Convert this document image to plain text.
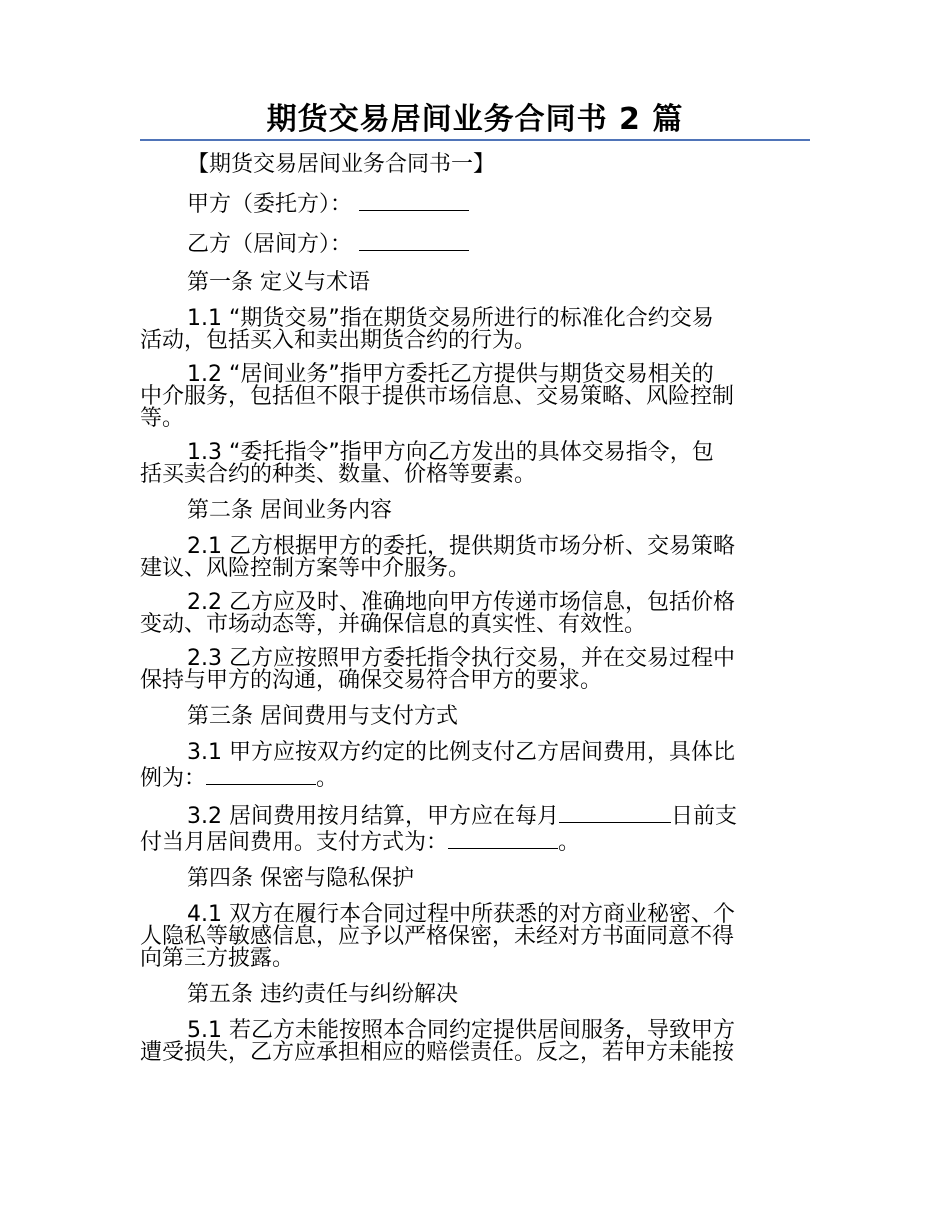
期货交易居间业务合同书 2 篇
【期货交易居间业务合同书一】
甲方（委托方）：
乙方（居间方）：
第一条 定义与术语
1.1 “期货交易”指在期货交易所进行的标准化合约交易
活动，包括买入和卖出期货合约的行为。
1.2 “居间业务”指甲方委托乙方提供与期货交易相关的
中介服务，包括但不限于提供市场信息、交易策略、风险控制
等。
1.3 “委托指令”指甲方向乙方发出的具体交易指令，包
括买卖合约的种类、数量、价格等要素。
第二条 居间业务内容
2.1 乙方根据甲方的委托，提供期货市场分析、交易策略
建议、风险控制方案等中介服务。
2.2 乙方应及时、准确地向甲方传递市场信息，包括价格
变动、市场动态等，并确保信息的真实性、有效性。
2.3 乙方应按照甲方委托指令执行交易，并在交易过程中
保持与甲方的沟通，确保交易符合甲方的要求。
第三条 居间费用与支付方式
3.1 甲方应按双方约定的比例支付乙方居间费用，具体比
例为：	。
3.2 居间费用按月结算，甲方应在每月	日前支
付当月居间费用。支付方式为：	。
第四条 保密与隐私保护
4.1 双方在履行本合同过程中所获悉的对方商业秘密、个
人隐私等敏感信息，应予以严格保密，未经对方书面同意不得
向第三方披露。
第五条 违约责任与纠纷解决
5.1 若乙方未能按照本合同约定提供居间服务，导致甲方
遭受损失，乙方应承担相应的赔偿责任。反之，若甲方未能按
